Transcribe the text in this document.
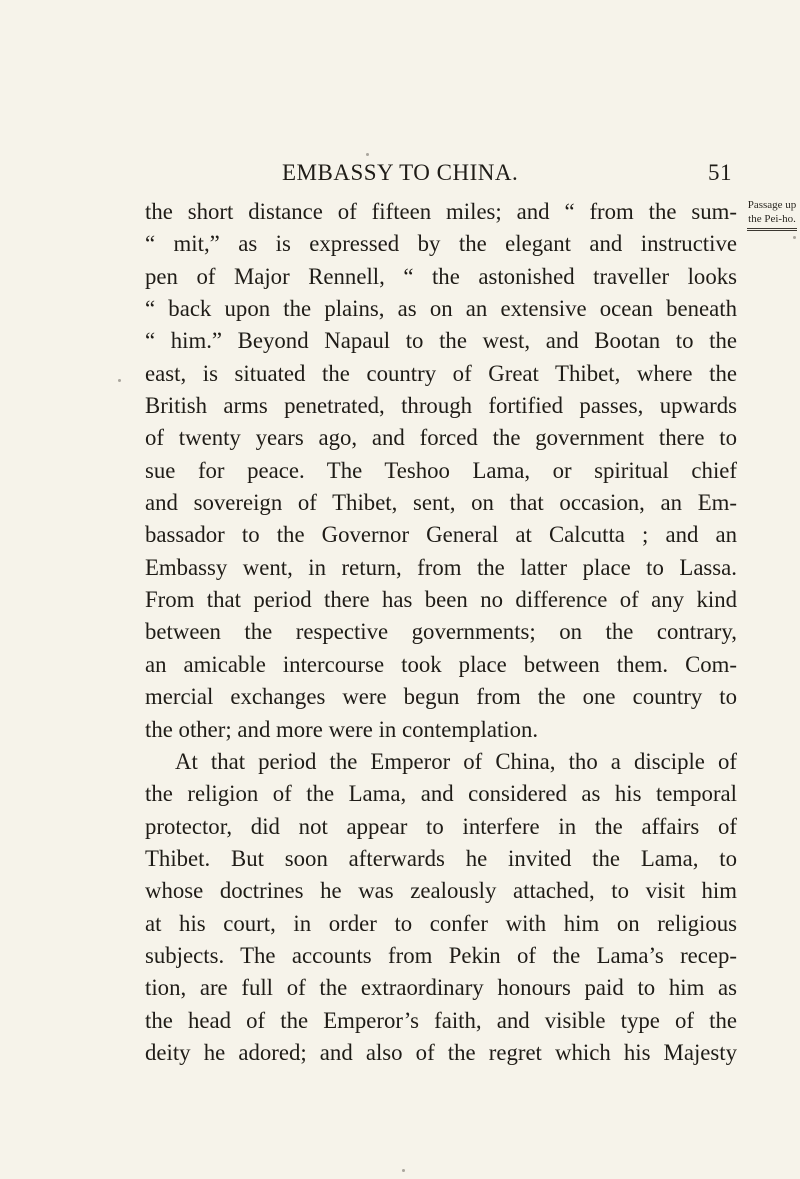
EMBASSY TO CHINA.	51
Passage up
the Pei-ho.
the short distance of fifteen miles; and “ from the sum-
“ mit,” as is expressed by the elegant and instructive
pen of Major Rennell, “ the astonished traveller looks
“ back upon the plains, as on an extensive ocean beneath
“ him.” Beyond Napaul to the west, and Bootan to the
east, is situated the country of Great Thibet, where the
British arms penetrated, through fortified passes, upwards
of twenty years ago, and forced the government there to
sue for peace. The Teshoo Lama, or spiritual chief
and sovereign of Thibet, sent, on that occasion, an Em-
bassador to the Governor General at Calcutta ; and an
Embassy went, in return, from the latter place to Lassa.
From that period there has been no difference of any kind
between the respective governments; on the contrary,
an amicable intercourse took place between them. Com-
mercial exchanges were begun from the one country to
the other; and more were in contemplation.
At that period the Emperor of China, tho a disciple of
the religion of the Lama, and considered as his temporal
protector, did not appear to interfere in the affairs of
Thibet. But soon afterwards he invited the Lama, to
whose doctrines he was zealously attached, to visit him
at his court, in order to confer with him on religious
subjects. The accounts from Pekin of the Lama’s recep-
tion, are full of the extraordinary honours paid to him as
the head of the Emperor’s faith, and visible type of the
deity he adored; and also of the regret which his Majesty
